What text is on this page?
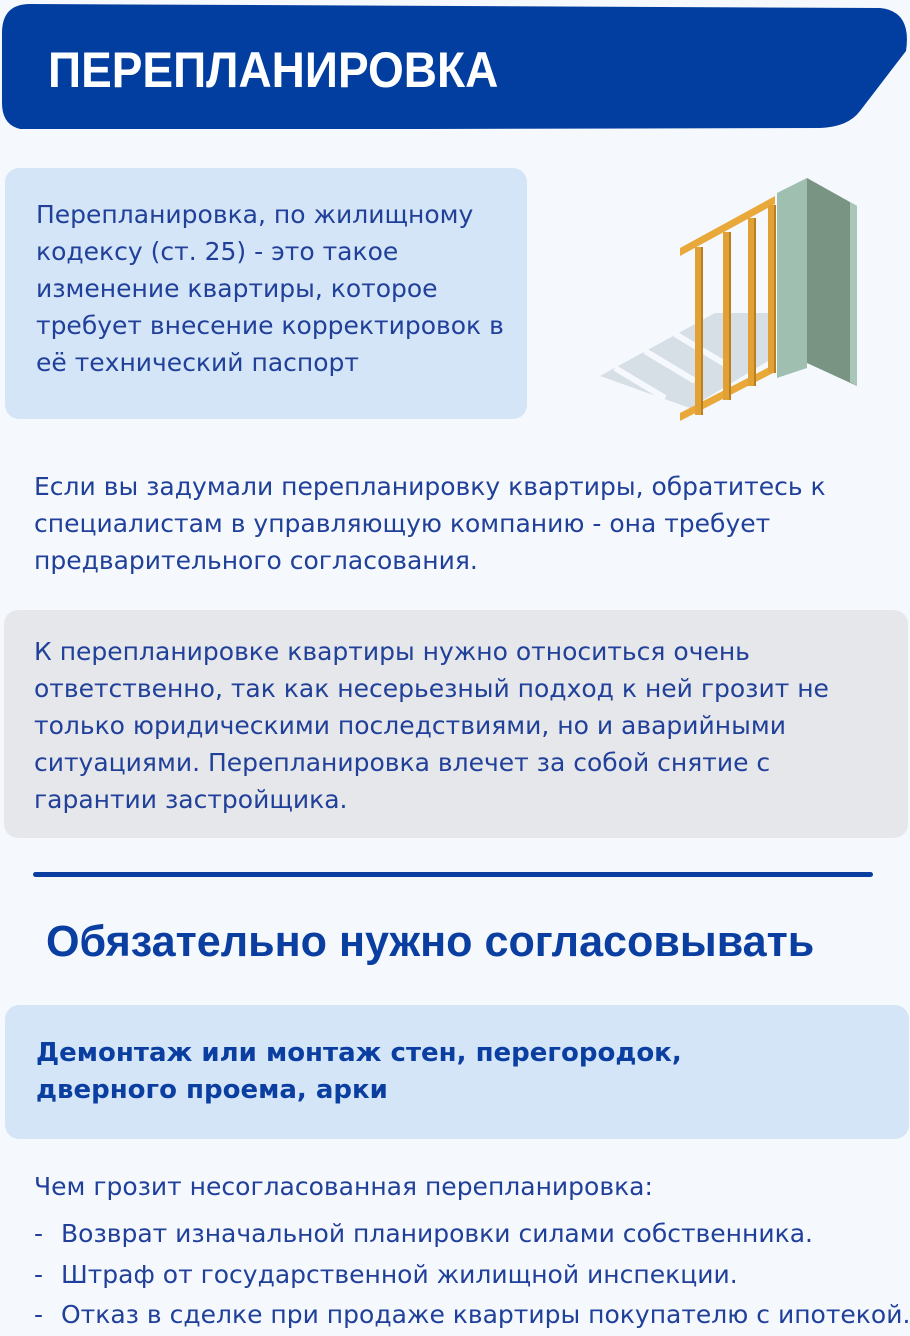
ПЕРЕПЛАНИРОВКА
Перепланировка, по жилищному кодексу (ст. 25) - это такое изменение квартиры, которое требует внесение корректировок в её технический паспорт
Если вы задумали перепланировку квартиры, обратитесь к специалистам в управляющую компанию - она требует предварительного согласования.
К перепланировке квартиры нужно относиться очень ответственно, так как несерьезный подход к ней грозит не только юридическими последствиями, но и аварийными ситуациями. Перепланировка влечет за собой снятие с гарантии застройщика.
Обязательно нужно согласовывать
Демонтаж или монтаж стен, перегородок, дверного проема, арки
Чем грозит несогласованная перепланировка:
- Возврат изначальной планировки силами собственника.
- Штраф от государственной жилищной инспекции.
- Отказ в сделке при продаже квартиры покупателю с ипотекой.
